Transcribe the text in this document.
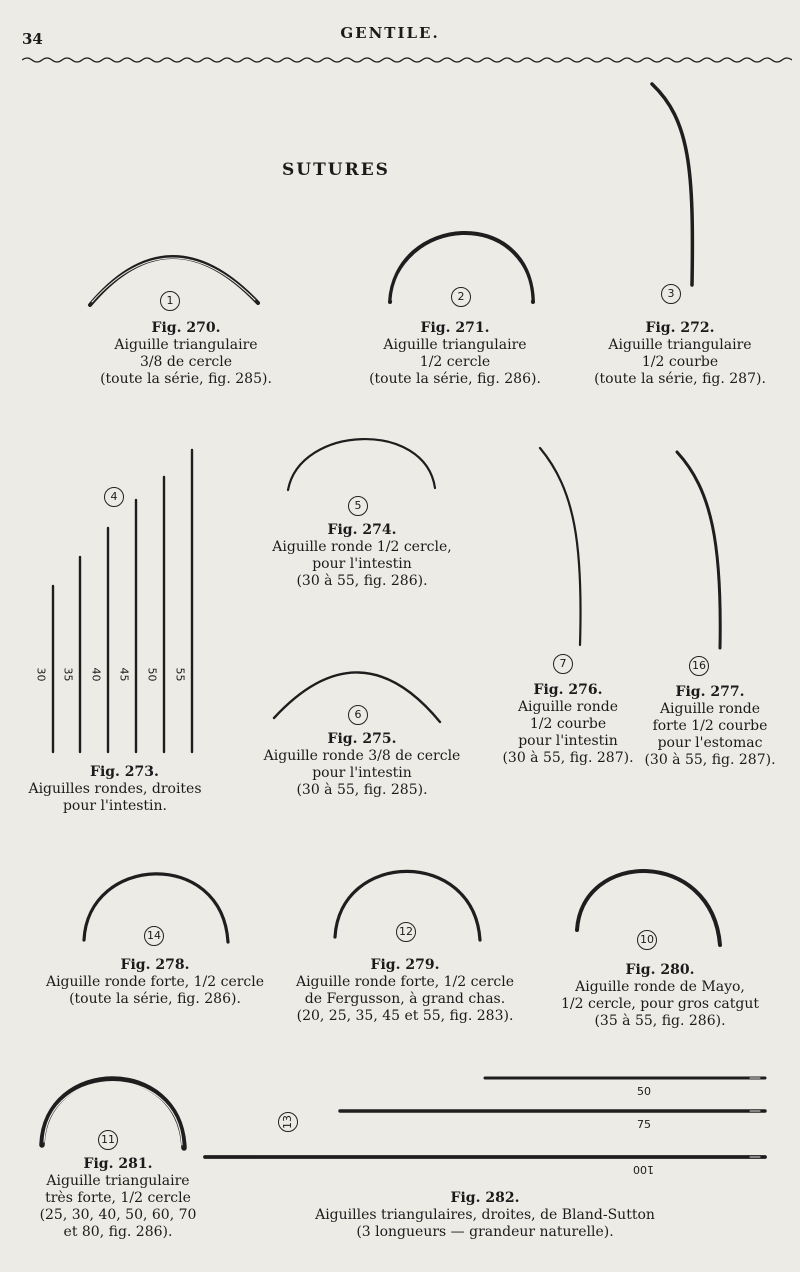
34	GENTILE.
SUTURES
1
Fig. 270.
Aiguille triangulaire
3/8 de cercle
(toute la série, fig. 285).
2
Fig. 271.
Aiguille triangulaire
1/2 cercle
(toute la série, fig. 286).
3
Fig. 272.
Aiguille triangulaire
1/2 courbe
(toute la série, fig. 287).
4
30 35 40 45 50 55
Fig. 273.
Aiguilles rondes, droites
pour l'intestin.
5
Fig. 274.
Aiguille ronde 1/2 cercle,
pour l'intestin
(30 à 55, fig. 286).
6
Fig. 275.
Aiguille ronde 3/8 de cercle
pour l'intestin
(30 à 55, fig. 285).
7
Fig. 276.
Aiguille ronde
1/2 courbe
pour l'intestin
(30 à 55, fig. 287).
16
Fig. 277.
Aiguille ronde
forte 1/2 courbe
pour l'estomac
(30 à 55, fig. 287).
14
Fig. 278.
Aiguille ronde forte, 1/2 cercle
(toute la série, fig. 286).
12
Fig. 279.
Aiguille ronde forte, 1/2 cercle
de Fergusson, à grand chas.
(20, 25, 35, 45 et 55, fig. 283).
10
Fig. 280.
Aiguille ronde de Mayo,
1/2 cercle, pour gros catgut
(35 à 55, fig. 286).
11
Fig. 281.
Aiguille triangulaire
très forte, 1/2 cercle
(25, 30, 40, 50, 60, 70
et 80, fig. 286).
13
50
75
100
Fig. 282.
Aiguilles triangulaires, droites, de Bland-Sutton
(3 longueurs — grandeur naturelle).
